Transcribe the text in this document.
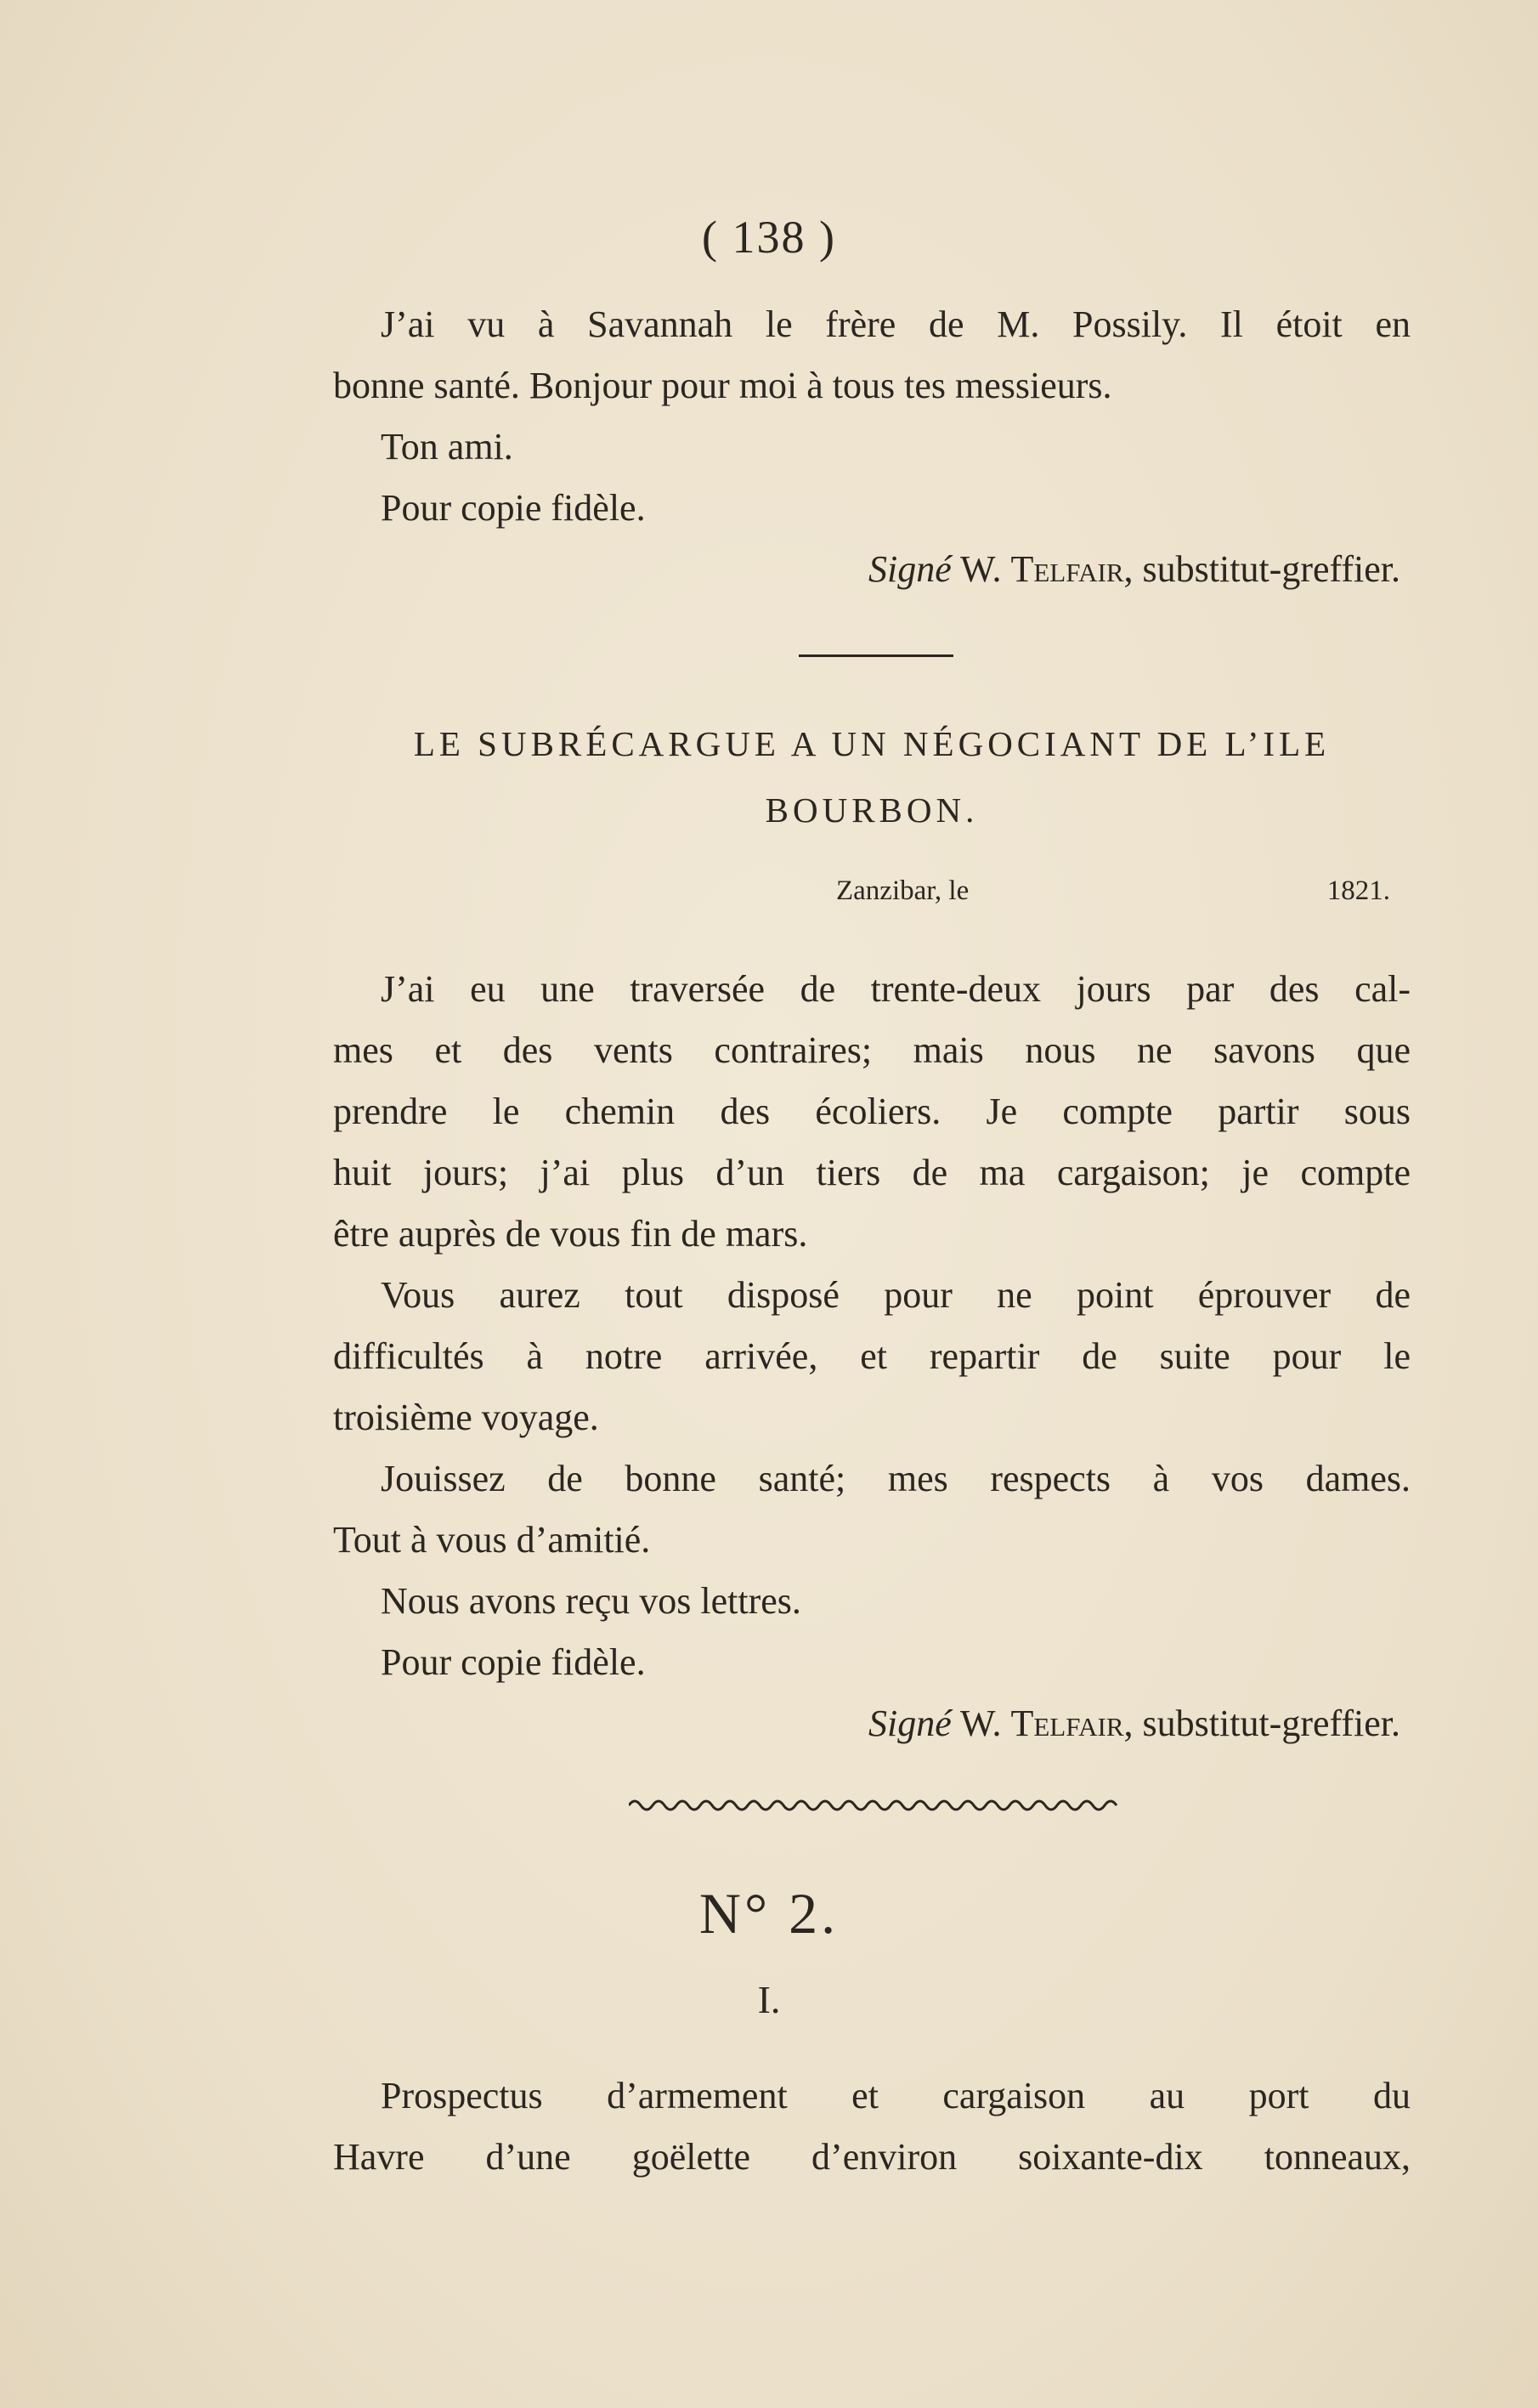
( 138 )

J’ai vu à Savannah le frère de M. Possily. Il étoit en

bonne santé. Bonjour pour moi à tous tes messieurs.

Ton ami.

Pour copie fidèle.

Signé W. Telfair, substitut-greffier.

LE SUBRÉCARGUE A UN NÉGOCIANT DE L’ILE
BOURBON.
Zanzibar, le	1821.

J’ai eu une traversée de trente-deux jours par des cal-

mes et des vents contraires; mais nous ne savons que

prendre le chemin des écoliers. Je compte partir sous

huit jours; j’ai plus d’un tiers de ma cargaison; je compte

être auprès de vous fin de mars.

Vous aurez tout disposé pour ne point éprouver de

difficultés à notre arrivée, et repartir de suite pour le

troisième voyage.

Jouissez de bonne santé; mes respects à vos dames.

Tout à vous d’amitié.

Nous avons reçu vos lettres.

Pour copie fidèle.

Signé W. Telfair, substitut-greffier.

N° 2.
I.

Prospectus d’armement et cargaison au port du

Havre d’une goëlette d’environ soixante-dix tonneaux,
